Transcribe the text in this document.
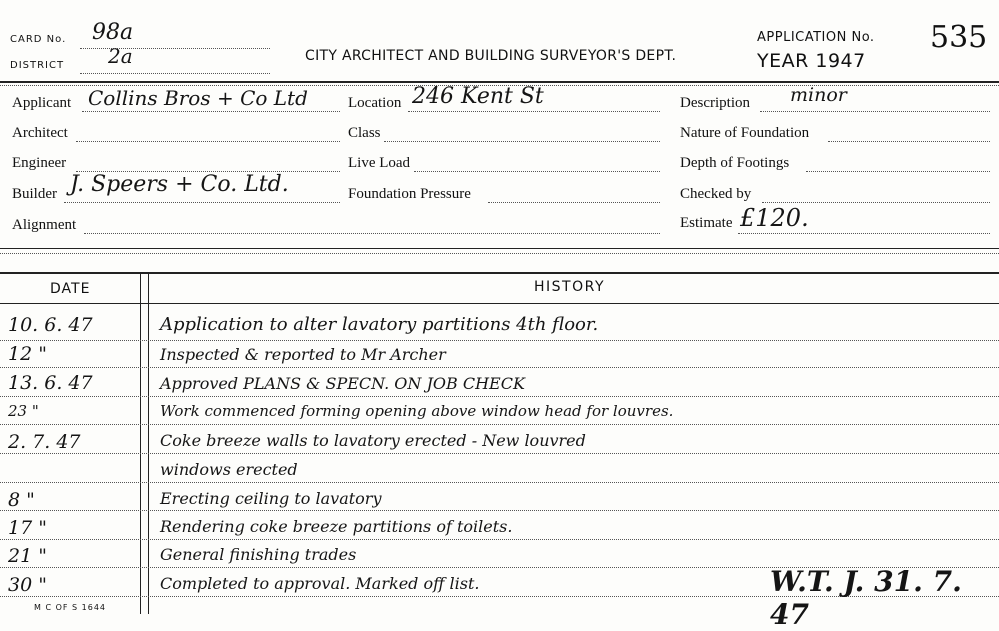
CARD No. 98a
DISTRICT 2a	CITY ARCHITECT AND BUILDING SURVEYOR'S DEPT.
APPLICATION No. 535
YEAR 1947
Applicant Collins Bros + Co Ltd	Location 246 Kent St	Description minor
Architect	Class	Nature of Foundation
Engineer	Live Load	Depth of Footings
Builder J. Speers + Co. Ltd.	Foundation Pressure	Checked by
Alignment	Estimate £120.
DATE	HISTORY
10. 6. 47	Application to alter lavatory partitions 4th floor.
12 "	Inspected & reported to Mr Archer
13. 6. 47	Approved PLANS & SPECN. ON JOB CHECK
23 "	Work commenced forming opening above window head for louvres.
2. 7. 47	Coke breeze walls to lavatory erected - New louvred
windows erected
8 "	Erecting ceiling to lavatory
17 "	Rendering coke breeze partitions of toilets.
21 "	General finishing trades
30 "	Completed to approval. Marked off list.	W.T. J. 31. 7. 47
M C OF S 1644
